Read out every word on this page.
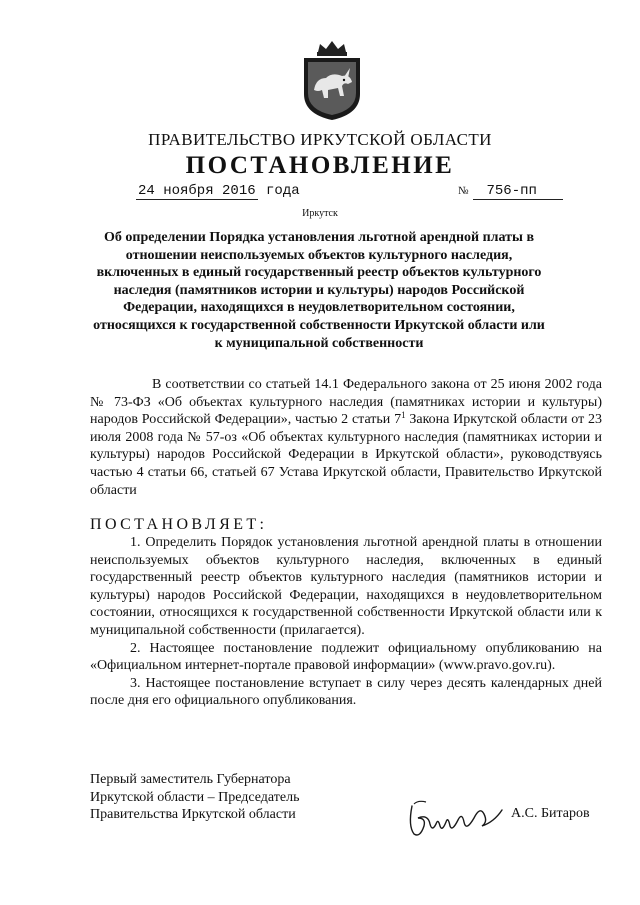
ПРАВИТЕЛЬСТВО ИРКУТСКОЙ ОБЛАСТИ
ПОСТАНОВЛЕНИЕ
24 ноября 2016 года	№ 756-пп
Иркутск
Об определении Порядка установления льготной арендной платы в отношении неиспользуемых объектов культурного наследия, включенных в единый государственный реестр объектов культурного наследия (памятников истории и культуры) народов Российской Федерации, находящихся в неудовлетворительном состоянии, относящихся к государственной собственности Иркутской области или к муниципальной собственности
В соответствии со статьей 14.1 Федерального закона от 25 июня 2002 года № 73-ФЗ «Об объектах культурного наследия (памятниках истории и культуры) народов Российской Федерации», частью 2 статьи $7^1$ Закона Иркутской области от 23 июля 2008 года № 57-оз «Об объектах культурного наследия (памятниках истории и культуры) народов Российской Федерации в Иркутской области», руководствуясь частью 4 статьи 66, статьей 67 Устава Иркутской области, Правительство Иркутской области
ПОСТАНОВЛЯЕТ:

1. Определить Порядок установления льготной арендной платы в отношении неиспользуемых объектов культурного наследия, включенных в единый государственный реестр объектов культурного наследия (памятников истории и культуры) народов Российской Федерации, находящихся в неудовлетворительном состоянии, относящихся к государственной собственности Иркутской области или к муниципальной собственности (прилагается).

2. Настоящее постановление подлежит официальному опубликованию на «Официальном интернет-портале правовой информации» (www.pravo.gov.ru).

3. Настоящее постановление вступает в силу через десять календарных дней после дня его официального опубликования.

Первый заместитель Губернатора
Иркутской области – Председатель
Правительства Иркутской области	А.С. Битаров
